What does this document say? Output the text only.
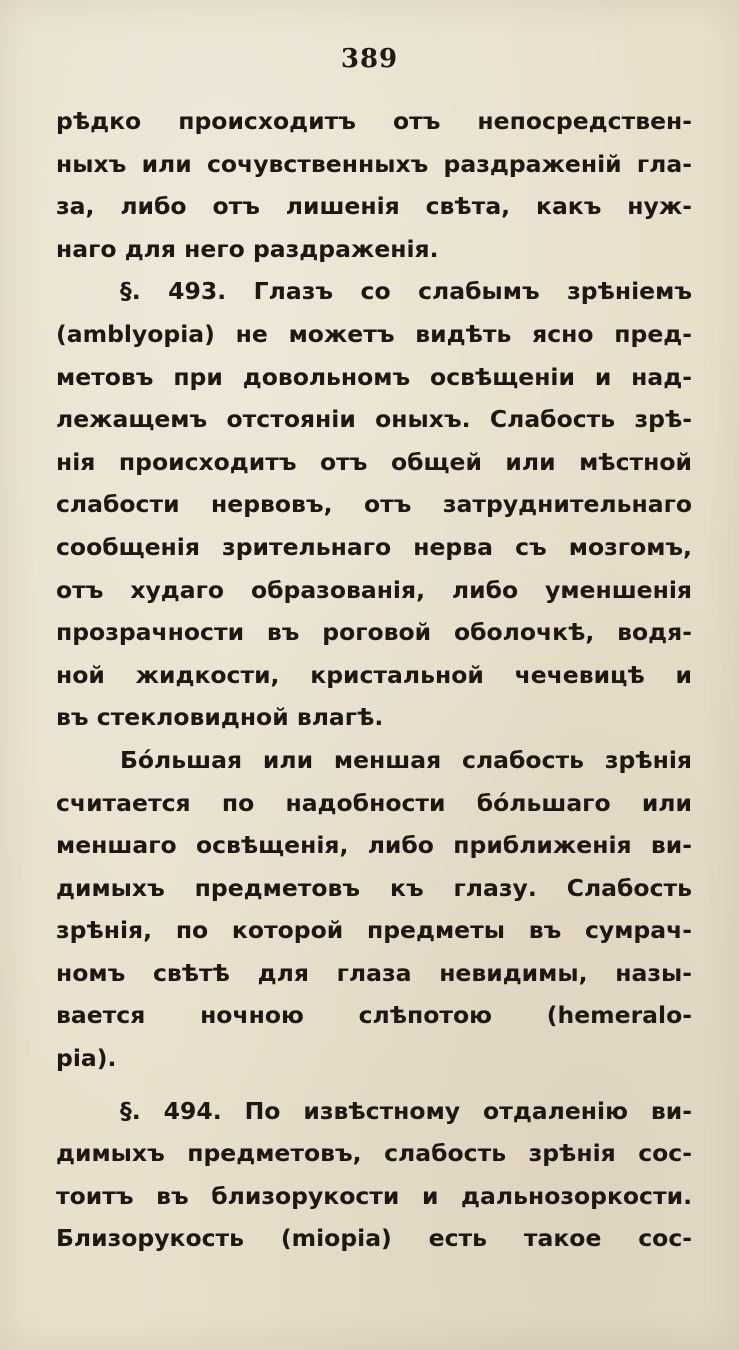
389
рѣдко происходитъ отъ непосредствен-
ныхъ или сочувственныхъ раздраженій гла-
за, либо отъ лишенія свѣта, какъ нуж-
наго для него раздраженія.
§. 493. Глазъ со слабымъ зрѣніемъ
(amblyopia) не можетъ видѣть ясно пред-
метовъ при довольномъ освѣщеніи и над-
лежащемъ отстояніи оныхъ. Слабость зрѣ-
нія происходитъ отъ общей или мѣстной
слабости нервовъ, отъ затруднительнаго
сообщенія зрительнаго нерва съ мозгомъ,
отъ худаго образованія, либо уменшенія
прозрачности въ роговой оболочкѣ, водя-
ной жидкости, кристальной чечевицѣ и
въ стекловидной влагѣ.
Бо́льшая или меншая слабость зрѣнія
считается по надобности бо́льшаго или
меншаго освѣщенія, либо приближенія ви-
димыхъ предметовъ къ глазу. Слабость
зрѣнія, по которой предметы въ сумрач-
номъ свѣтѣ для глаза невидимы, назы-
вается ночною слѣпотою (hemeralo-
pia).
§. 494. По извѣстному отдаленію ви-
димыхъ предметовъ, слабость зрѣнія сос-
тоитъ въ близорукости и дальнозоркости.
Близорукость (miopia) есть такое сос-
